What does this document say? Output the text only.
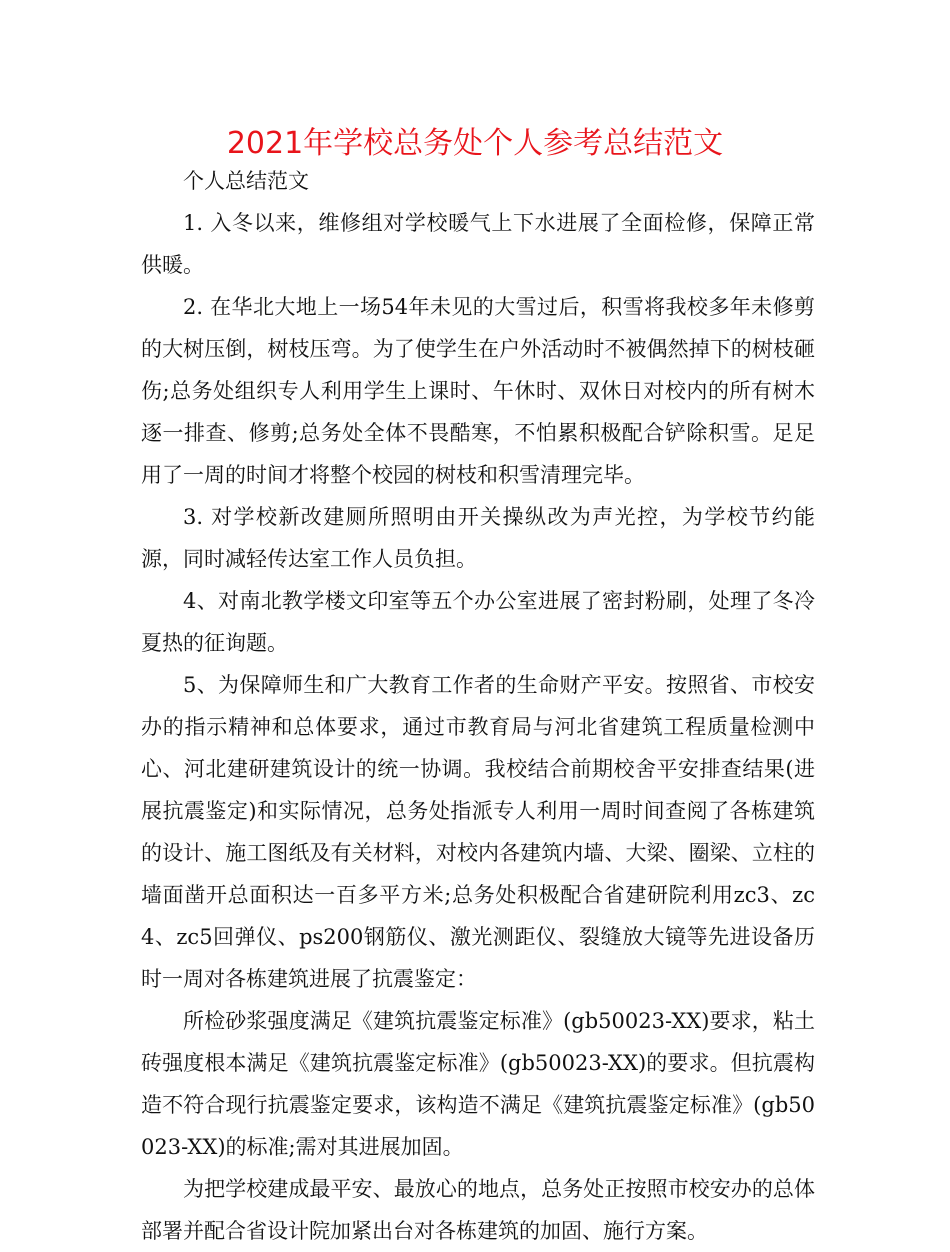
2021年学校总务处个人参考总结范文

个人总结范文

1. 入冬以来，维修组对学校暖气上下水进展了全面检修，保障正常供暖。

2. 在华北大地上一场54年未见的大雪过后，积雪将我校多年未修剪的大树压倒，树枝压弯。为了使学生在户外活动时不被偶然掉下的树枝砸伤;总务处组织专人利用学生上课时、午休时、双休日对校内的所有树木逐一排查、修剪;总务处全体不畏酷寒，不怕累积极配合铲除积雪。足足用了一周的时间才将整个校园的树枝和积雪清理完毕。

3. 对学校新改建厕所照明由开关操纵改为声光控，为学校节约能源，同时减轻传达室工作人员负担。

4、对南北教学楼文印室等五个办公室进展了密封粉刷，处理了冬冷夏热的征询题。

5、为保障师生和广大教育工作者的生命财产平安。按照省、市校安办的指示精神和总体要求，通过市教育局与河北省建筑工程质量检测中心、河北建研建筑设计的统一协调。我校结合前期校舍平安排查结果(进展抗震鉴定)和实际情况，总务处指派专人利用一周时间查阅了各栋建筑的设计、施工图纸及有关材料，对校内各建筑内墙、大梁、圈梁、立柱的墙面凿开总面积达一百多平方米;总务处积极配合省建研院利用zc3、zc4、zc5回弹仪、ps200钢筋仪、激光测距仪、裂缝放大镜等先进设备历时一周对各栋建筑进展了抗震鉴定：

所检砂浆强度满足《建筑抗震鉴定标准》(gb50023-XX)要求，粘土砖强度根本满足《建筑抗震鉴定标准》(gb50023-XX)的要求。但抗震构造不符合现行抗震鉴定要求，该构造不满足《建筑抗震鉴定标准》(gb50023-XX)的标准;需对其进展加固。

为把学校建成最平安、最放心的地点，总务处正按照市校安办的总体部署并配合省设计院加紧出台对各栋建筑的加固、施行方案。
